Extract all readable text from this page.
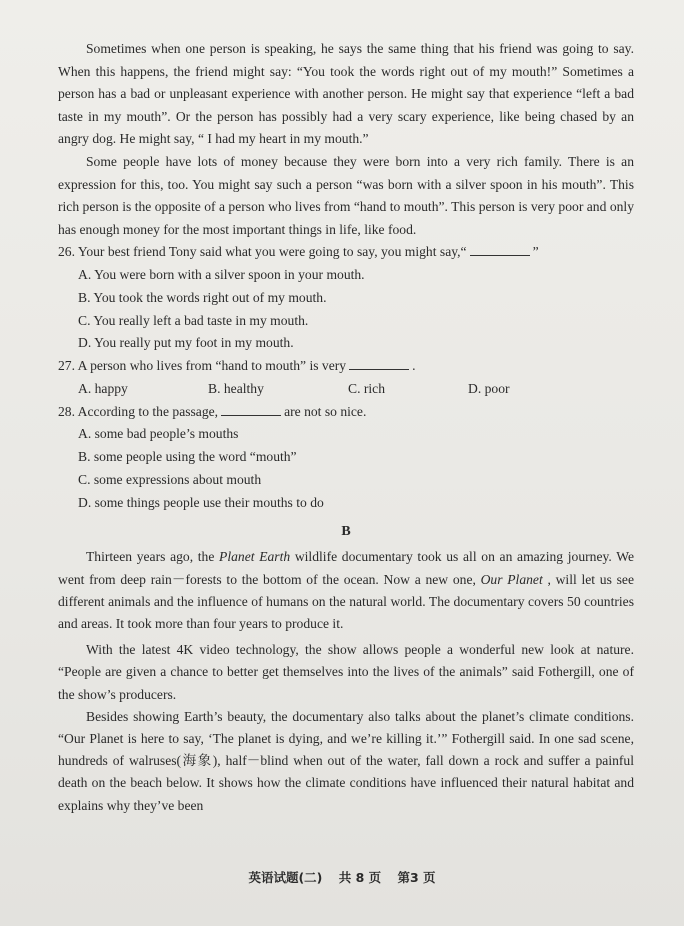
Sometimes when one person is speaking, he says the same thing that his friend was going to say. When this happens, the friend might say: “You took the words right out of my mouth!” Sometimes a person has a bad or unpleasant experience with another person. He might say that experience “left a bad taste in my mouth”. Or the person has possibly had a very scary experience, like being chased by an angry dog. He might say, “ I had my heart in my mouth.”

Some people have lots of money because they were born into a very rich family. There is an expression for this, too. You might say such a person “was born with a silver spoon in his mouth”. This rich person is the opposite of a person who lives from “hand to mouth”. This person is very poor and only has enough money for the most important things in life, like food.

26. Your best friend Tony said what you were going to say, you might say,“	”

A. You were born with a silver spoon in your mouth.

B. You took the words right out of my mouth.

C. You really left a bad taste in my mouth.

D. You really put my foot in my mouth.

27. A person who lives from “hand to mouth” is very	.

A. happy	B. healthy	C. rich	D. poor

28. According to the passage,	are not so nice.

A. some bad people’s mouths

B. some people using the word “mouth”

C. some expressions about mouth

D. some things people use their mouths to do

B

Thirteen years ago, the Planet Earth wildlife documentary took us all on an amazing journey. We went from deep rain－forests to the bottom of the ocean. Now a new one, Our Planet , will let us see different animals and the influence of humans on the natural world. The documentary covers 50 countries and areas. It took more than four years to produce it.

With the latest 4K video technology, the show allows people a wonderful new look at nature. “People are given a chance to better get themselves into the lives of the animals” said Fothergill, one of the show’s producers.

Besides showing Earth’s beauty, the documentary also talks about the planet’s climate conditions. “Our Planet is here to say, ‘The planet is dying, and we’re killing it.’” Fothergill said. In one sad scene, hundreds of walruses(海象), half－blind when out of the water, fall down a rock and suffer a painful death on the beach below. It shows how the climate conditions have influenced their natural habitat and explains why they’ve been

英语试题(二) 共 8 页 第3 页
